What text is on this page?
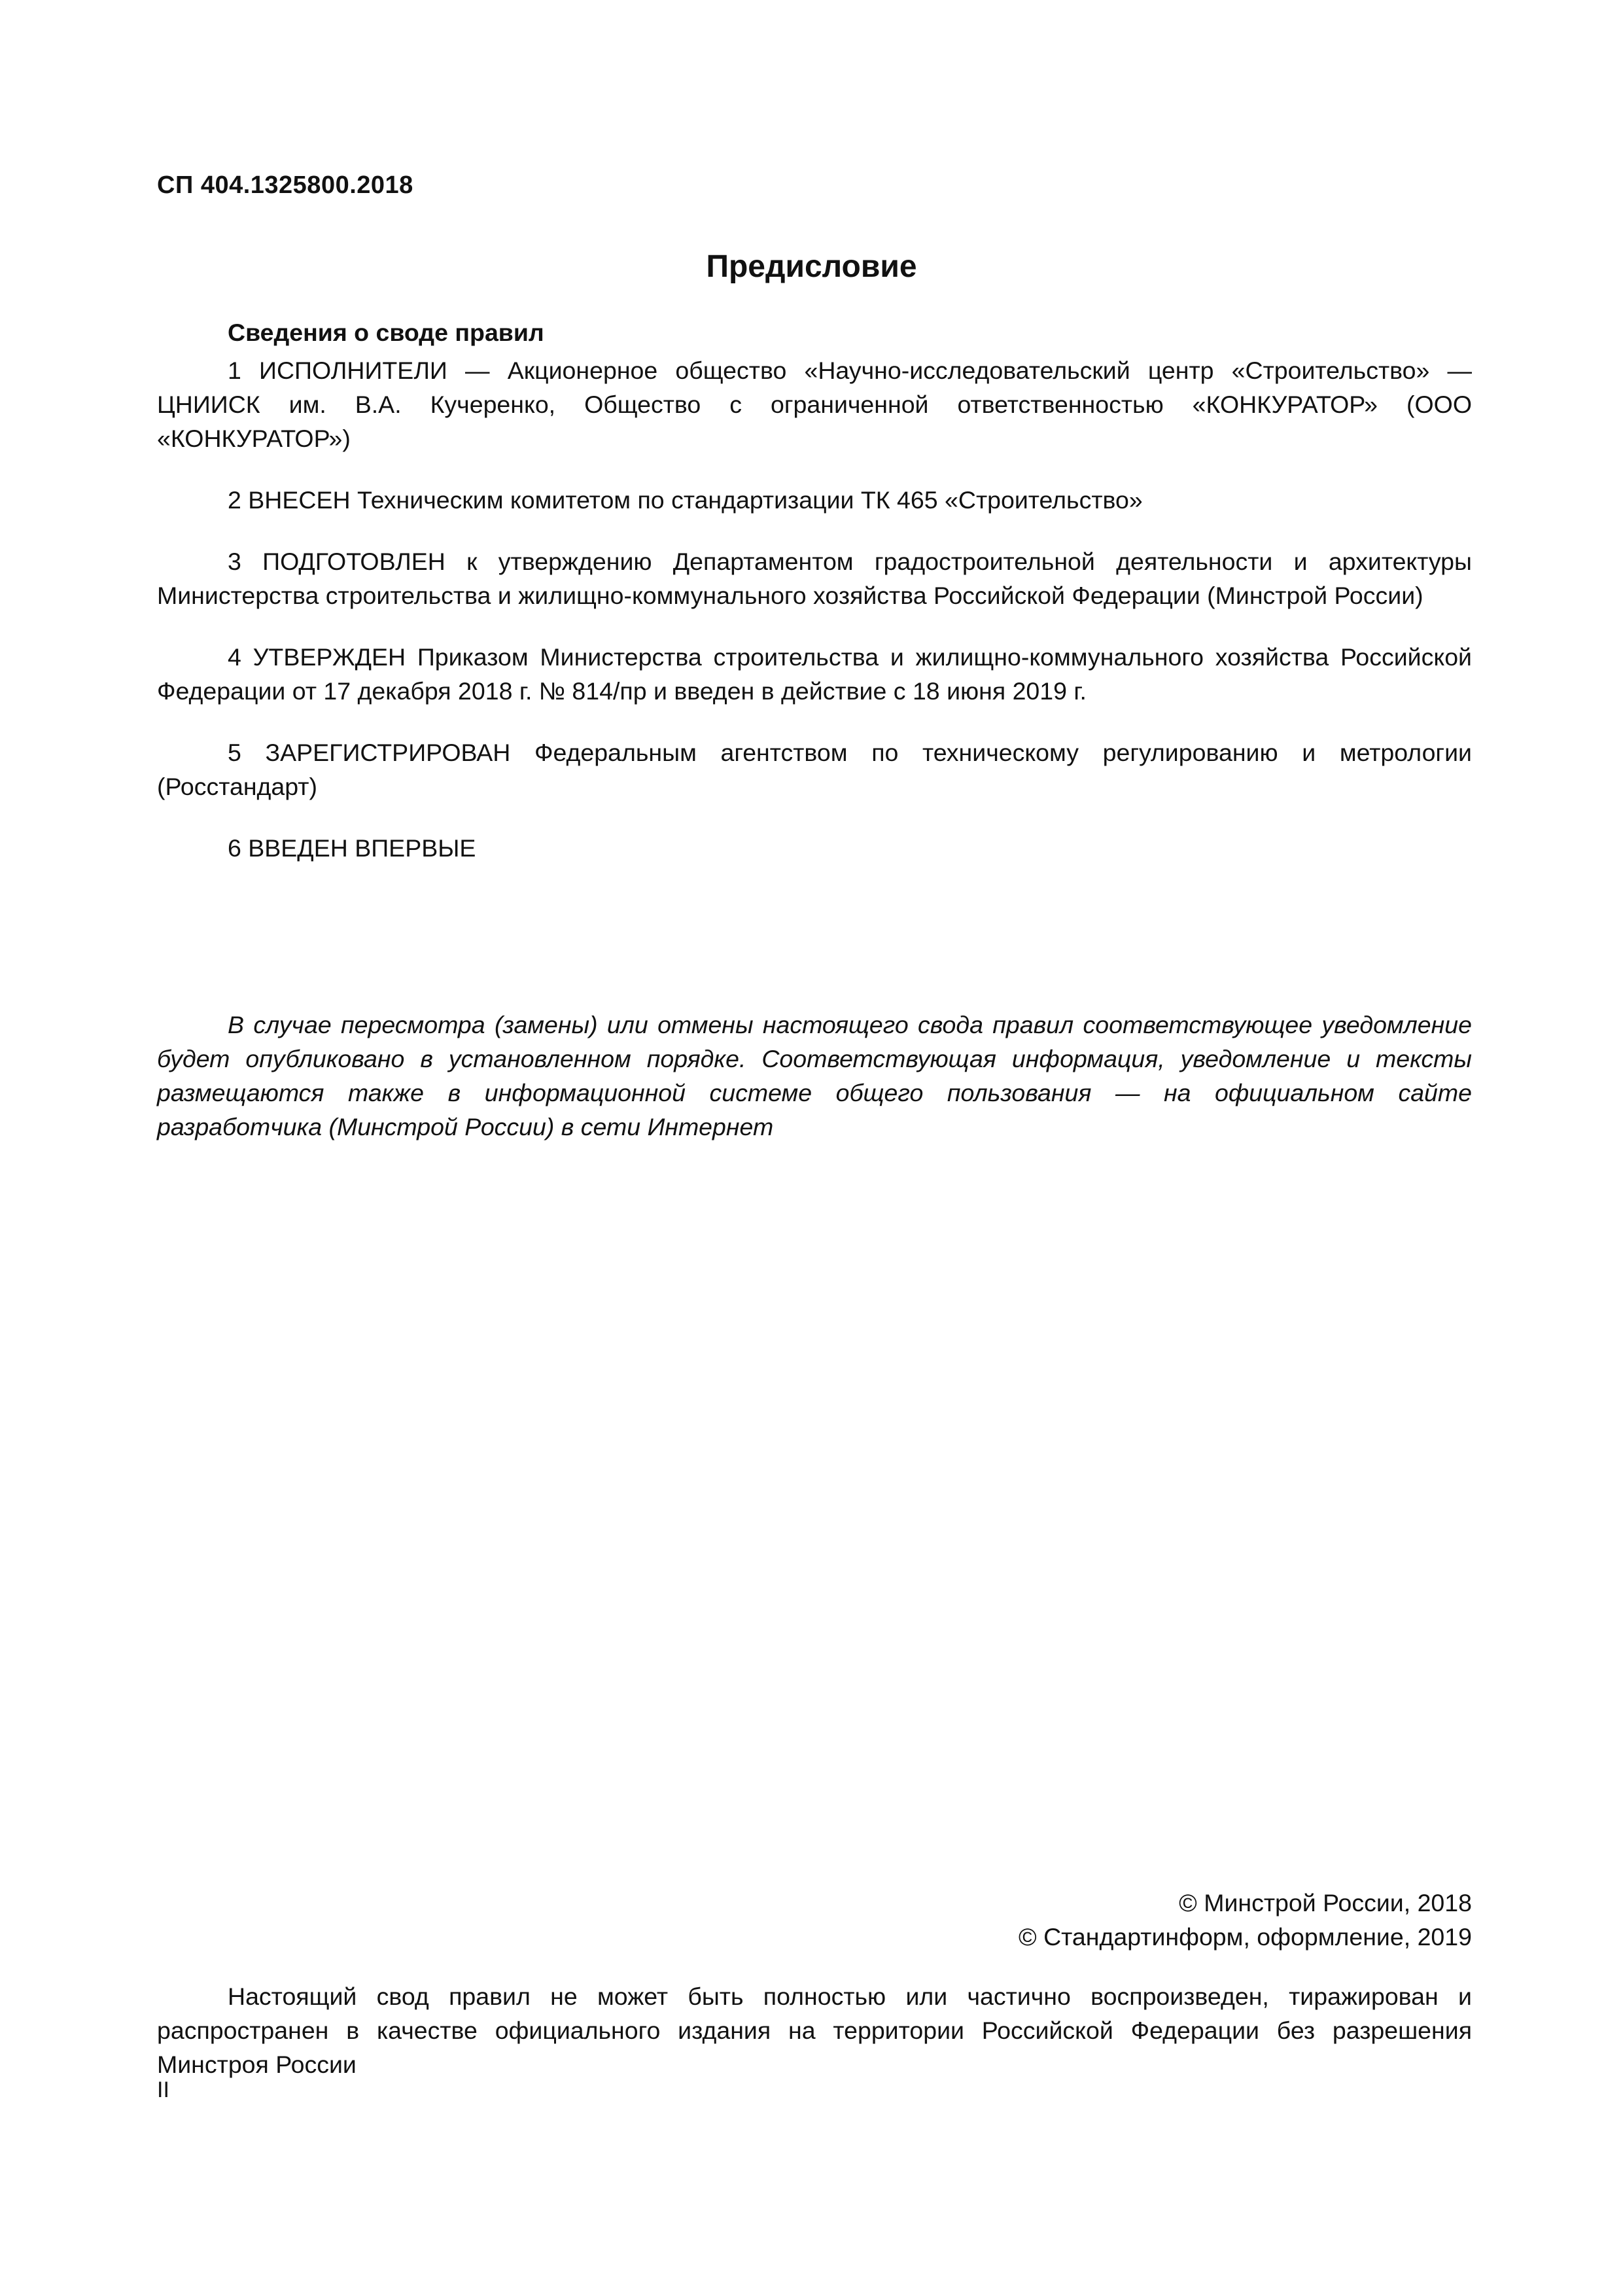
СП 404.1325800.2018
Предисловие

Сведения о своде правил

1 ИСПОЛНИТЕЛИ — Акционерное общество «Научно-исследовательский центр «Строительство» — ЦНИИСК им. В.А. Кучеренко, Общество с ограниченной ответственностью «КОНКУРАТОР» (ООО «КОНКУРАТОР»)

2 ВНЕСЕН Техническим комитетом по стандартизации ТК 465 «Строительство»

3 ПОДГОТОВЛЕН к утверждению Департаментом градостроительной деятельности и архитектуры Министерства строительства и жилищно-коммунального хозяйства Российской Федерации (Минстрой России)

4 УТВЕРЖДЕН Приказом Министерства строительства и жилищно-коммунального хозяйства Российской Федерации от 17 декабря 2018 г. № 814/пр и введен в действие с 18 июня 2019 г.

5 ЗАРЕГИСТРИРОВАН Федеральным агентством по техническому регулированию и метрологии (Росстандарт)

6 ВВЕДЕН ВПЕРВЫЕ

В случае пересмотра (замены) или отмены настоящего свода правил соответствующее уведомление будет опубликовано в установленном порядке. Соответствующая информация, уведомление и тексты размещаются также в информационной системе общего пользования — на официальном сайте разработчика (Минстрой России) в сети Интернет

© Минстрой России, 2018
© Стандартинформ, оформление, 2019

Настоящий свод правил не может быть полностью или частично воспроизведен, тиражирован и распространен в качестве официального издания на территории Российской Федерации без разрешения Минстроя России

II
